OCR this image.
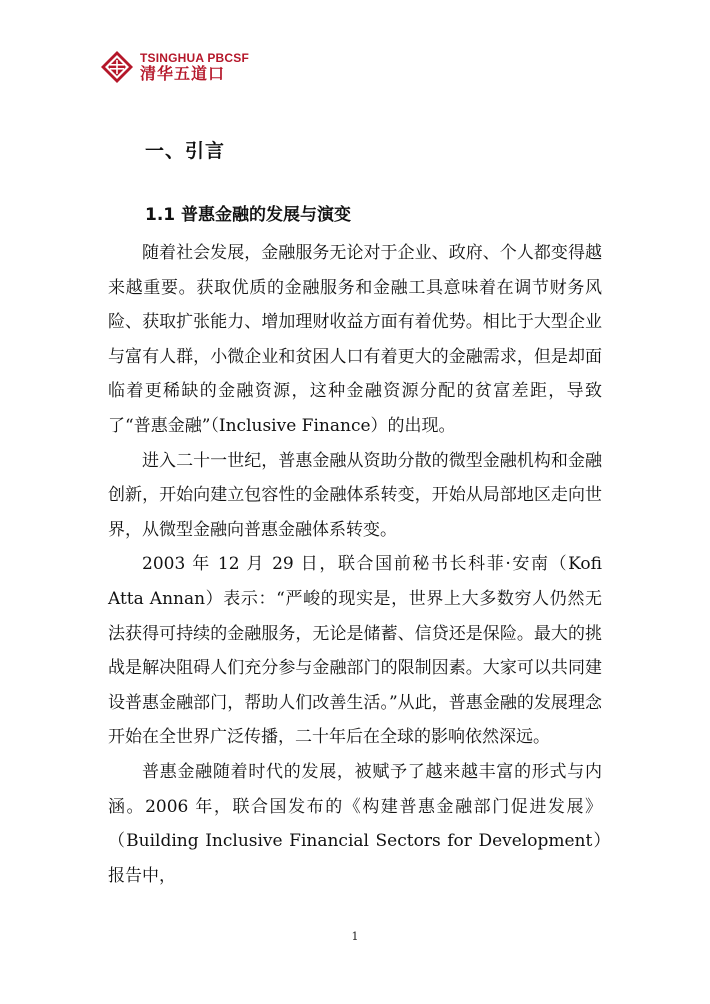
TSINGHUA PBCSF
清华五道口
一、引言
1.1 普惠金融的发展与演变

随着社会发展，金融服务无论对于企业、政府、个人都变得越来越重要。获取优质的金融服务和金融工具意味着在调节财务风险、获取扩张能力、增加理财收益方面有着优势。相比于大型企业与富有人群，小微企业和贫困人口有着更大的金融需求，但是却面临着更稀缺的金融资源，这种金融资源分配的贫富差距，导致了“普惠金融”（Inclusive Finance）的出现。

进入二十一世纪，普惠金融从资助分散的微型金融机构和金融创新，开始向建立包容性的金融体系转变，开始从局部地区走向世界，从微型金融向普惠金融体系转变。

2003 年 12 月 29 日，联合国前秘书长科菲·安南（Kofi Atta Annan）表示：“严峻的现实是，世界上大多数穷人仍然无法获得可持续的金融服务，无论是储蓄、信贷还是保险。最大的挑战是解决阻碍人们充分参与金融部门的限制因素。大家可以共同建设普惠金融部门，帮助人们改善生活。”从此，普惠金融的发展理念开始在全世界广泛传播，二十年后在全球的影响依然深远。

普惠金融随着时代的发展，被赋予了越来越丰富的形式与内涵。2006 年，联合国发布的《构建普惠金融部门促进发展》（Building Inclusive Financial Sectors for Development）报告中，

1
